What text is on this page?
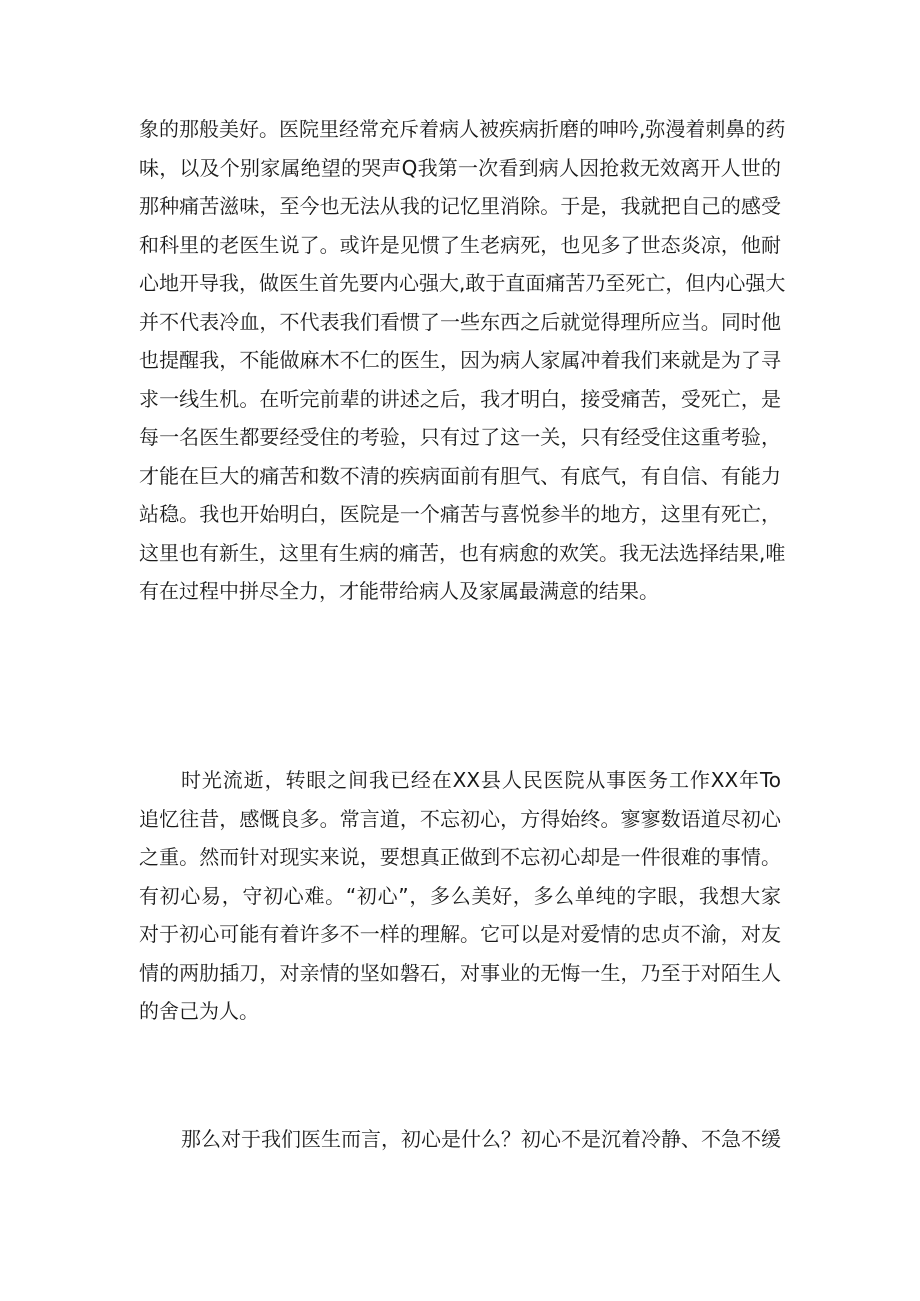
象的那般美好。医院里经常充斥着病人被疾病折磨的呻吟,弥漫着刺鼻的药
味，以及个别家属绝望的哭声Q我第一次看到病人因抢救无效离开人世的
那种痛苦滋味，至今也无法从我的记忆里消除。于是，我就把自己的感受
和科里的老医生说了。或许是见惯了生老病死，也见多了世态炎凉，他耐
心地开导我，做医生首先要内心强大,敢于直面痛苦乃至死亡，但内心强大
并不代表冷血，不代表我们看惯了一些东西之后就觉得理所应当。同时他
也提醒我，不能做麻木不仁的医生，因为病人家属冲着我们来就是为了寻
求一线生机。在听完前辈的讲述之后，我才明白，接受痛苦，受死亡，是
每一名医生都要经受住的考验，只有过了这一关，只有经受住这重考验，
才能在巨大的痛苦和数不清的疾病面前有胆气、有底气，有自信、有能力
站稳。我也开始明白，医院是一个痛苦与喜悦参半的地方，这里有死亡，
这里也有新生，这里有生病的痛苦，也有病愈的欢笑。我无法选择结果,唯
有在过程中拼尽全力，才能带给病人及家属最满意的结果。
时光流逝，转眼之间我已经在XX县人民医院从事医务工作XX年To
追忆往昔，感慨良多。常言道，不忘初心，方得始终。寥寥数语道尽初心
之重。然而针对现实来说，要想真正做到不忘初心却是一件很难的事情。
有初心易，守初心难。“初心”，多么美好，多么单纯的字眼，我想大家
对于初心可能有着许多不一样的理解。它可以是对爱情的忠贞不渝，对友
情的两肋插刀，对亲情的坚如磐石，对事业的无悔一生，乃至于对陌生人
的舍己为人。
那么对于我们医生而言，初心是什么？初心不是沉着冷静、不急不缓
